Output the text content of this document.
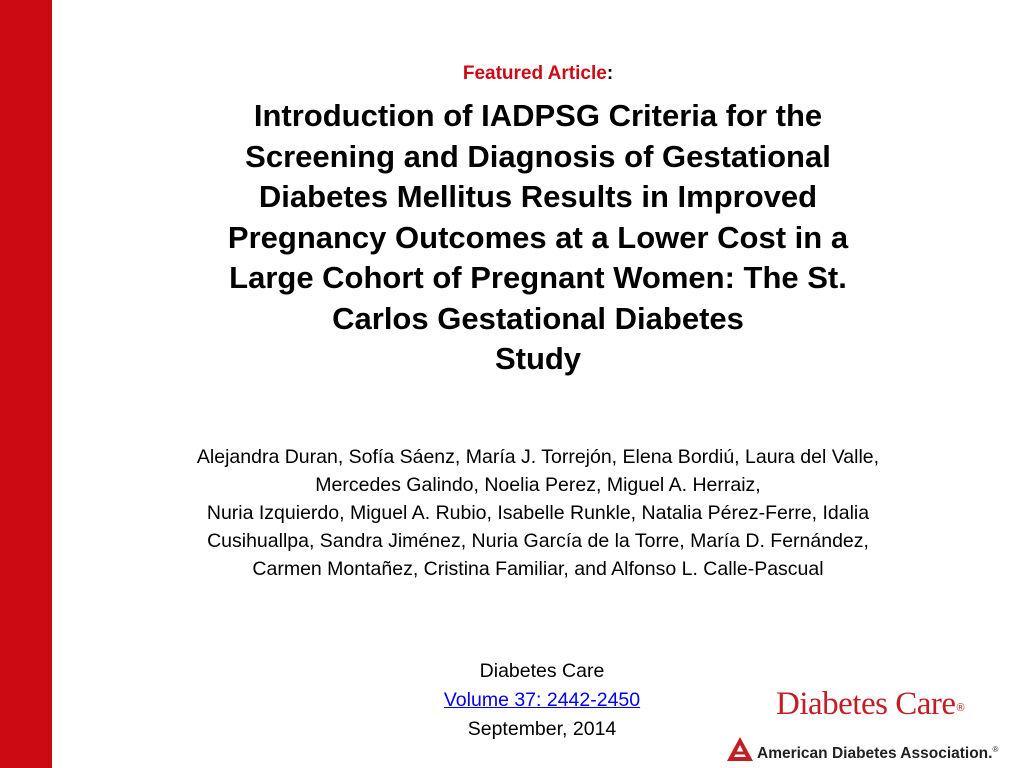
Featured Article:
Introduction of IADPSG Criteria for the
Screening and Diagnosis of Gestational
Diabetes Mellitus Results in Improved
Pregnancy Outcomes at a Lower Cost in a
Large Cohort of Pregnant Women: The St.
Carlos Gestational Diabetes
Study
Alejandra Duran, Sofía Sáenz, María J. Torrejón, Elena Bordiú, Laura del Valle,
Mercedes Galindo, Noelia Perez, Miguel A. Herraiz,
Nuria Izquierdo, Miguel A. Rubio, Isabelle Runkle, Natalia Pérez-Ferre, Idalia
Cusihuallpa, Sandra Jiménez, Nuria García de la Torre, María D. Fernández,
Carmen Montañez, Cristina Familiar, and Alfonso L. Calle-Pascual
Diabetes Care
Volume 37: 2442-2450
September, 2014
Diabetes Care®
American Diabetes Association.®
